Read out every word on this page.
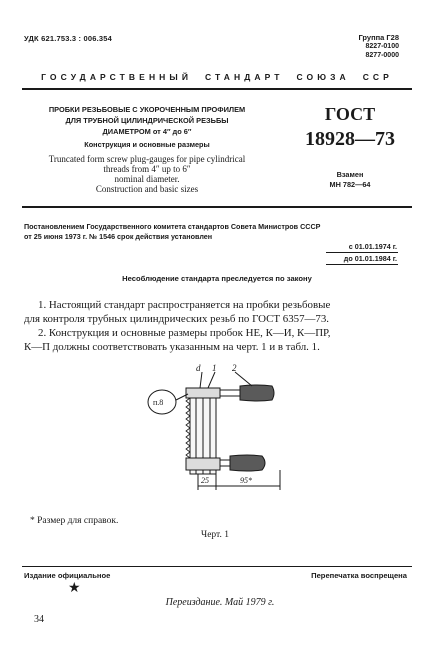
УДК 621.753.3 : 006.354	Группа Г28
8227-0100
8277-0000
ГОСУДАРСТВЕННЫЙ  СТАНДАРТ  СОЮЗА  ССР
ПРОБКИ РЕЗЬБОВЫЕ С УКОРОЧЕННЫМ ПРОФИЛЕМ
ДЛЯ ТРУБНОЙ ЦИЛИНДРИЧЕСКОЙ РЕЗЬБЫ
ДИАМЕТРОМ от 4″ до 6″
Конструкция и основные размеры
Truncated form screw plug-gauges for pipe cylindrical
threads from 4″ up to 6″
nominal diameter.
Construction and basic sizes
ГОСТ
18928—73
Взамен
МН 782—64
Постановлением Государственного комитета стандартов Совета Министров СССР
от 25 июня 1973 г. № 1546 срок действия установлен
с 01.01.1974 г.
до 01.01.1984 г.
Несоблюдение стандарта преследуется по закону
1. Настоящий стандарт распространяется на пробки резьбовые
для контроля трубных цилиндрических резьб по ГОСТ 6357—73.
2. Конструкция и основные размеры пробок НЕ, К—И, К—ПР,
К—П должны соответствовать указанным на черт. 1 и в табл. 1.
d 1 2
п.8
25	95*
* Размер для справок.
Черт. 1
Издание официальное	Перепечатка воспрещена
★
Переиздание. Май 1979 г.
34
